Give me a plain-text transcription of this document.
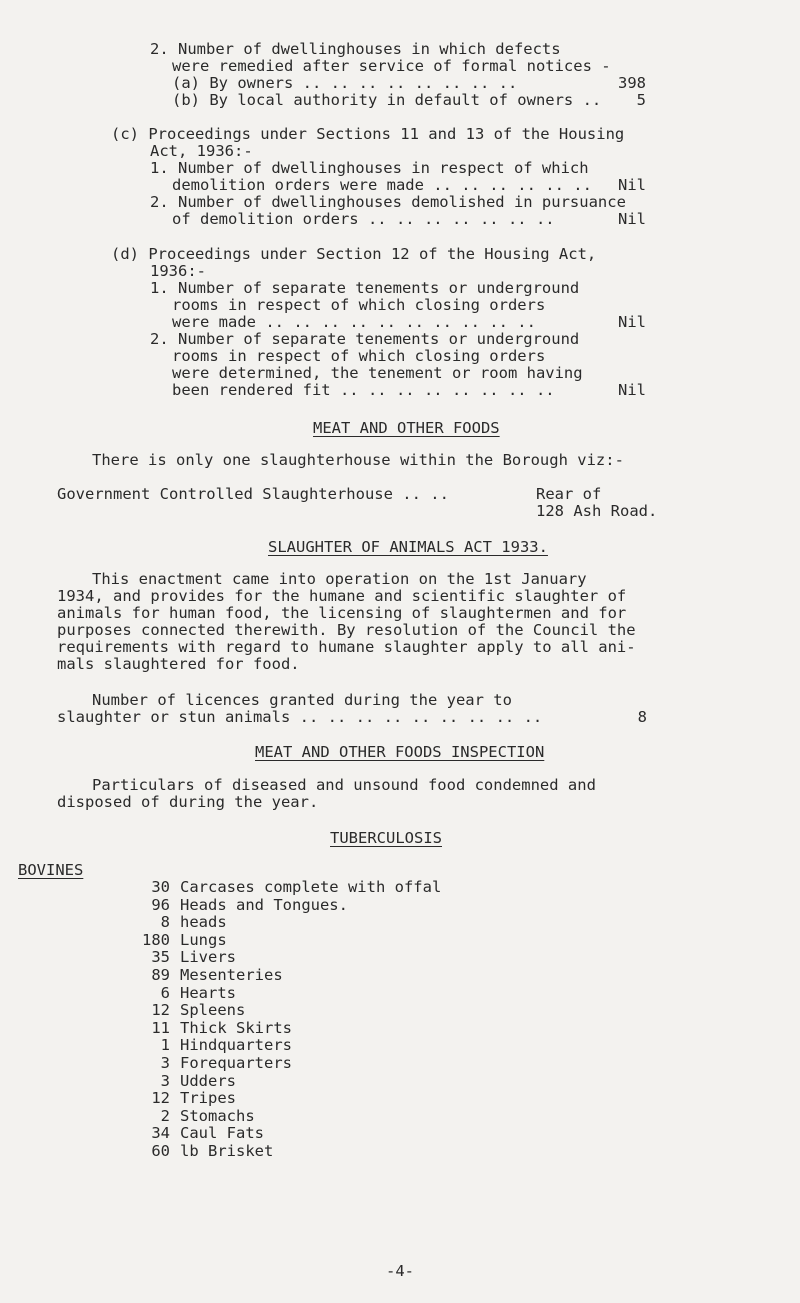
2. Number of dwellinghouses in which defects
were remedied after service of formal notices -
(a) By owners .. .. .. .. .. .. .. ..	398
(b) By local authority in default of owners ..	5
(c) Proceedings under Sections 11 and 13 of the Housing
Act, 1936:-
1. Number of dwellinghouses in respect of which
demolition orders were made .. .. .. .. .. ..	Nil
2. Number of dwellinghouses demolished in pursuance
of demolition orders .. .. .. .. .. .. ..	Nil
(d) Proceedings under Section 12 of the Housing Act,
1936:-
1. Number of separate tenements or underground
rooms in respect of which closing orders
were made .. .. .. .. .. .. .. .. .. ..	Nil
2. Number of separate tenements or underground
rooms in respect of which closing orders
were determined, the tenement or room having
been rendered fit .. .. .. .. .. .. .. ..	Nil
MEAT AND OTHER FOODS
There is only one slaughterhouse within the Borough viz:-
Government Controlled Slaughterhouse .. ..	Rear of
128 Ash Road.
SLAUGHTER OF ANIMALS ACT 1933.
This enactment came into operation on the 1st January
1934, and provides for the humane and scientific slaughter of
animals for human food, the licensing of slaughtermen and for
purposes connected therewith. By resolution of the Council the
requirements with regard to humane slaughter apply to all ani-
mals slaughtered for food.
Number of licences granted during the year to
slaughter or stun animals .. .. .. .. .. .. .. .. ..	8
MEAT AND OTHER FOODS INSPECTION
Particulars of diseased and unsound food condemned and
disposed of during the year.
TUBERCULOSIS
BOVINES
30 Carcases complete with offal
96 Heads and Tongues.
8 heads
180 Lungs
35 Livers
89 Mesenteries
6 Hearts
12 Spleens
11 Thick Skirts
1 Hindquarters
3 Forequarters
3 Udders
12 Tripes
2 Stomachs
34 Caul Fats
60 lb Brisket
-4-
